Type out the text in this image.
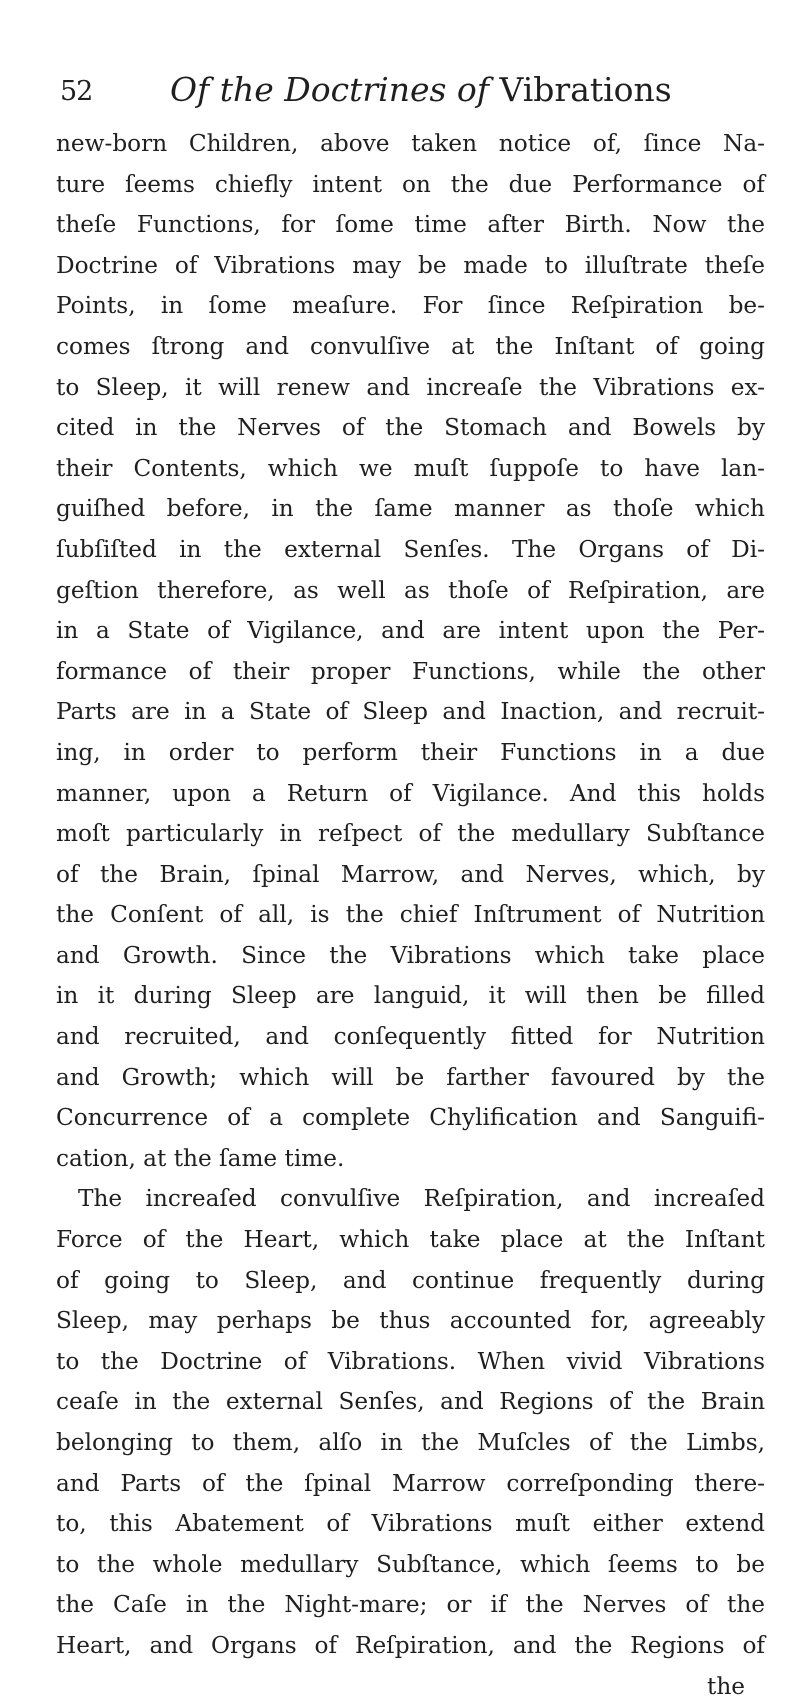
52 Of the Doctrines of Vibrations
new-born Children, above taken notice of, ſince Na-
ture ſeems chiefly intent on the due Performance of
theſe Functions, for ſome time after Birth. Now the
Doctrine of Vibrations may be made to illuſtrate theſe
Points, in ſome meaſure. For ſince Reſpiration be-
comes ſtrong and convulſive at the Inſtant of going
to Sleep, it will renew and increaſe the Vibrations ex-
cited in the Nerves of the Stomach and Bowels by
their Contents, which we muſt ſuppoſe to have lan-
guiſhed before, in the ſame manner as thoſe which
ſubſiſted in the external Senſes. The Organs of Di-
geſtion therefore, as well as thoſe of Reſpiration, are
in a State of Vigilance, and are intent upon the Per-
formance of their proper Functions, while the other
Parts are in a State of Sleep and Inaction, and recruit-
ing, in order to perform their Functions in a due
manner, upon a Return of Vigilance. And this holds
moſt particularly in reſpect of the medullary Subſtance
of the Brain, ſpinal Marrow, and Nerves, which, by
the Conſent of all, is the chief Inſtrument of Nutrition
and Growth. Since the Vibrations which take place
in it during Sleep are languid, it will then be filled
and recruited, and conſequently fitted for Nutrition
and Growth; which will be farther favoured by the
Concurrence of a complete Chylification and Sanguifi-
cation, at the ſame time.
The increaſed convulſive Reſpiration, and increaſed
Force of the Heart, which take place at the Inſtant
of going to Sleep, and continue frequently during
Sleep, may perhaps be thus accounted for, agreeably
to the Doctrine of Vibrations. When vivid Vibrations
ceaſe in the external Senſes, and Regions of the Brain
belonging to them, alſo in the Muſcles of the Limbs,
and Parts of the ſpinal Marrow correſponding there-
to, this Abatement of Vibrations muſt either extend
to the whole medullary Subſtance, which ſeems to be
the Caſe in the Night-mare; or if the Nerves of the
Heart, and Organs of Reſpiration, and the Regions of
the
